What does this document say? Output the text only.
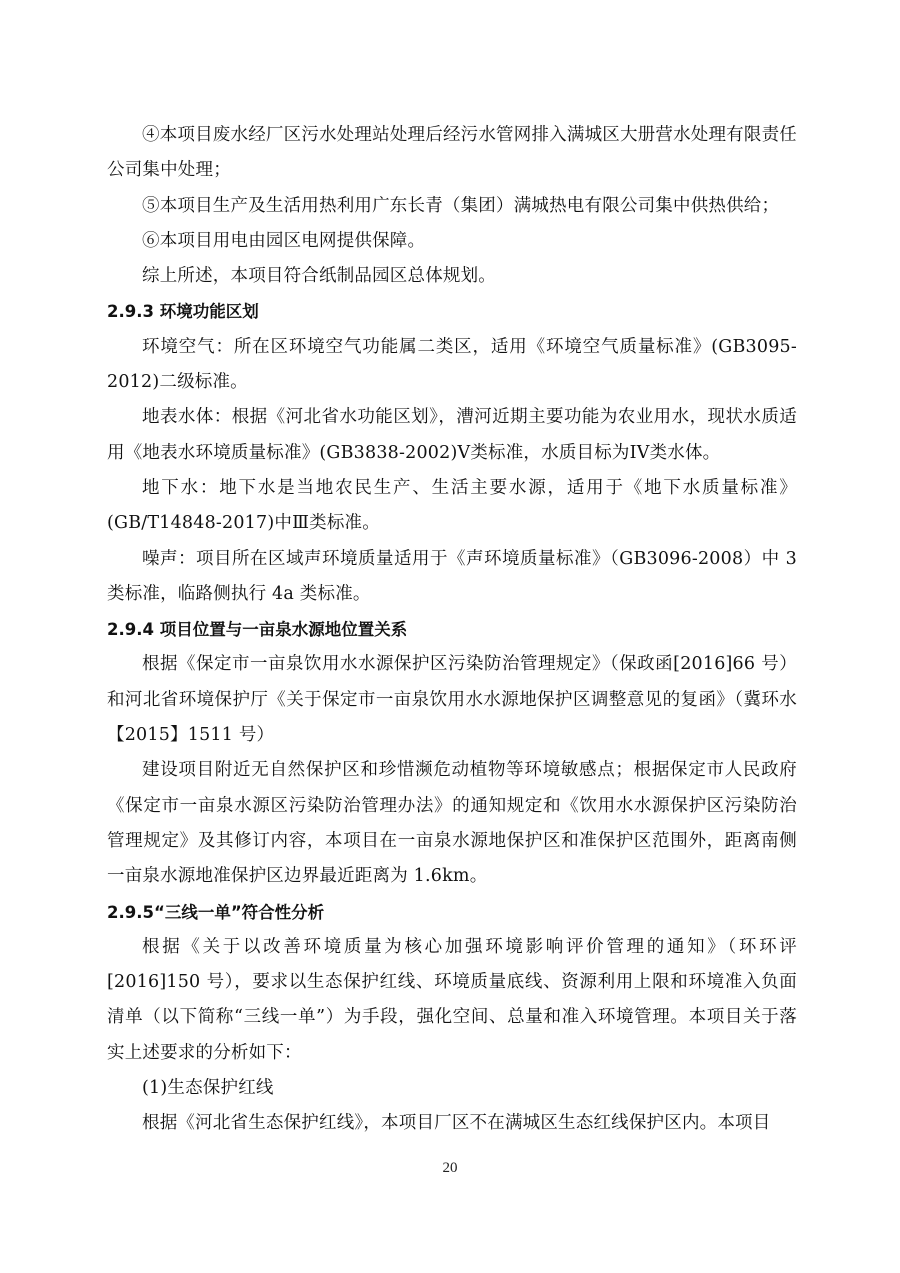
④本项目废水经厂区污水处理站处理后经污水管网排入满城区大册营水处理有限责任公司集中处理；

⑤本项目生产及生活用热利用广东长青（集团）满城热电有限公司集中供热供给；

⑥本项目用电由园区电网提供保障。

综上所述，本项目符合纸制品园区总体规划。

2.9.3 环境功能区划

环境空气：所在区环境空气功能属二类区，适用《环境空气质量标准》(GB3095-2012)二级标准。

地表水体：根据《河北省水功能区划》，漕河近期主要功能为农业用水，现状水质适用《地表水环境质量标准》(GB3838-2002)V类标准，水质目标为IV类水体。

地下水：地下水是当地农民生产、生活主要水源，适用于《地下水质量标准》(GB/T14848-2017)中Ⅲ类标准。

噪声：项目所在区域声环境质量适用于《声环境质量标准》（GB3096-2008）中 3 类标准，临路侧执行 4a 类标准。

2.9.4 项目位置与一亩泉水源地位置关系

根据《保定市一亩泉饮用水水源保护区污染防治管理规定》（保政函[2016]66 号）和河北省环境保护厅《关于保定市一亩泉饮用水水源地保护区调整意见的复函》（冀环水【2015】1511 号）

建设项目附近无自然保护区和珍惜濒危动植物等环境敏感点；根据保定市人民政府《保定市一亩泉水源区污染防治管理办法》的通知规定和《饮用水水源保护区污染防治管理规定》及其修订内容，本项目在一亩泉水源地保护区和准保护区范围外，距离南侧一亩泉水源地准保护区边界最近距离为 1.6km。

2.9.5“三线一单”符合性分析

根据《关于以改善环境质量为核心加强环境影响评价管理的通知》（环环评[2016]150 号），要求以生态保护红线、环境质量底线、资源利用上限和环境准入负面清单（以下简称“三线一单”）为手段，强化空间、总量和准入环境管理。本项目关于落实上述要求的分析如下：

(1)生态保护红线

根据《河北省生态保护红线》，本项目厂区不在满城区生态红线保护区内。本项目

20
